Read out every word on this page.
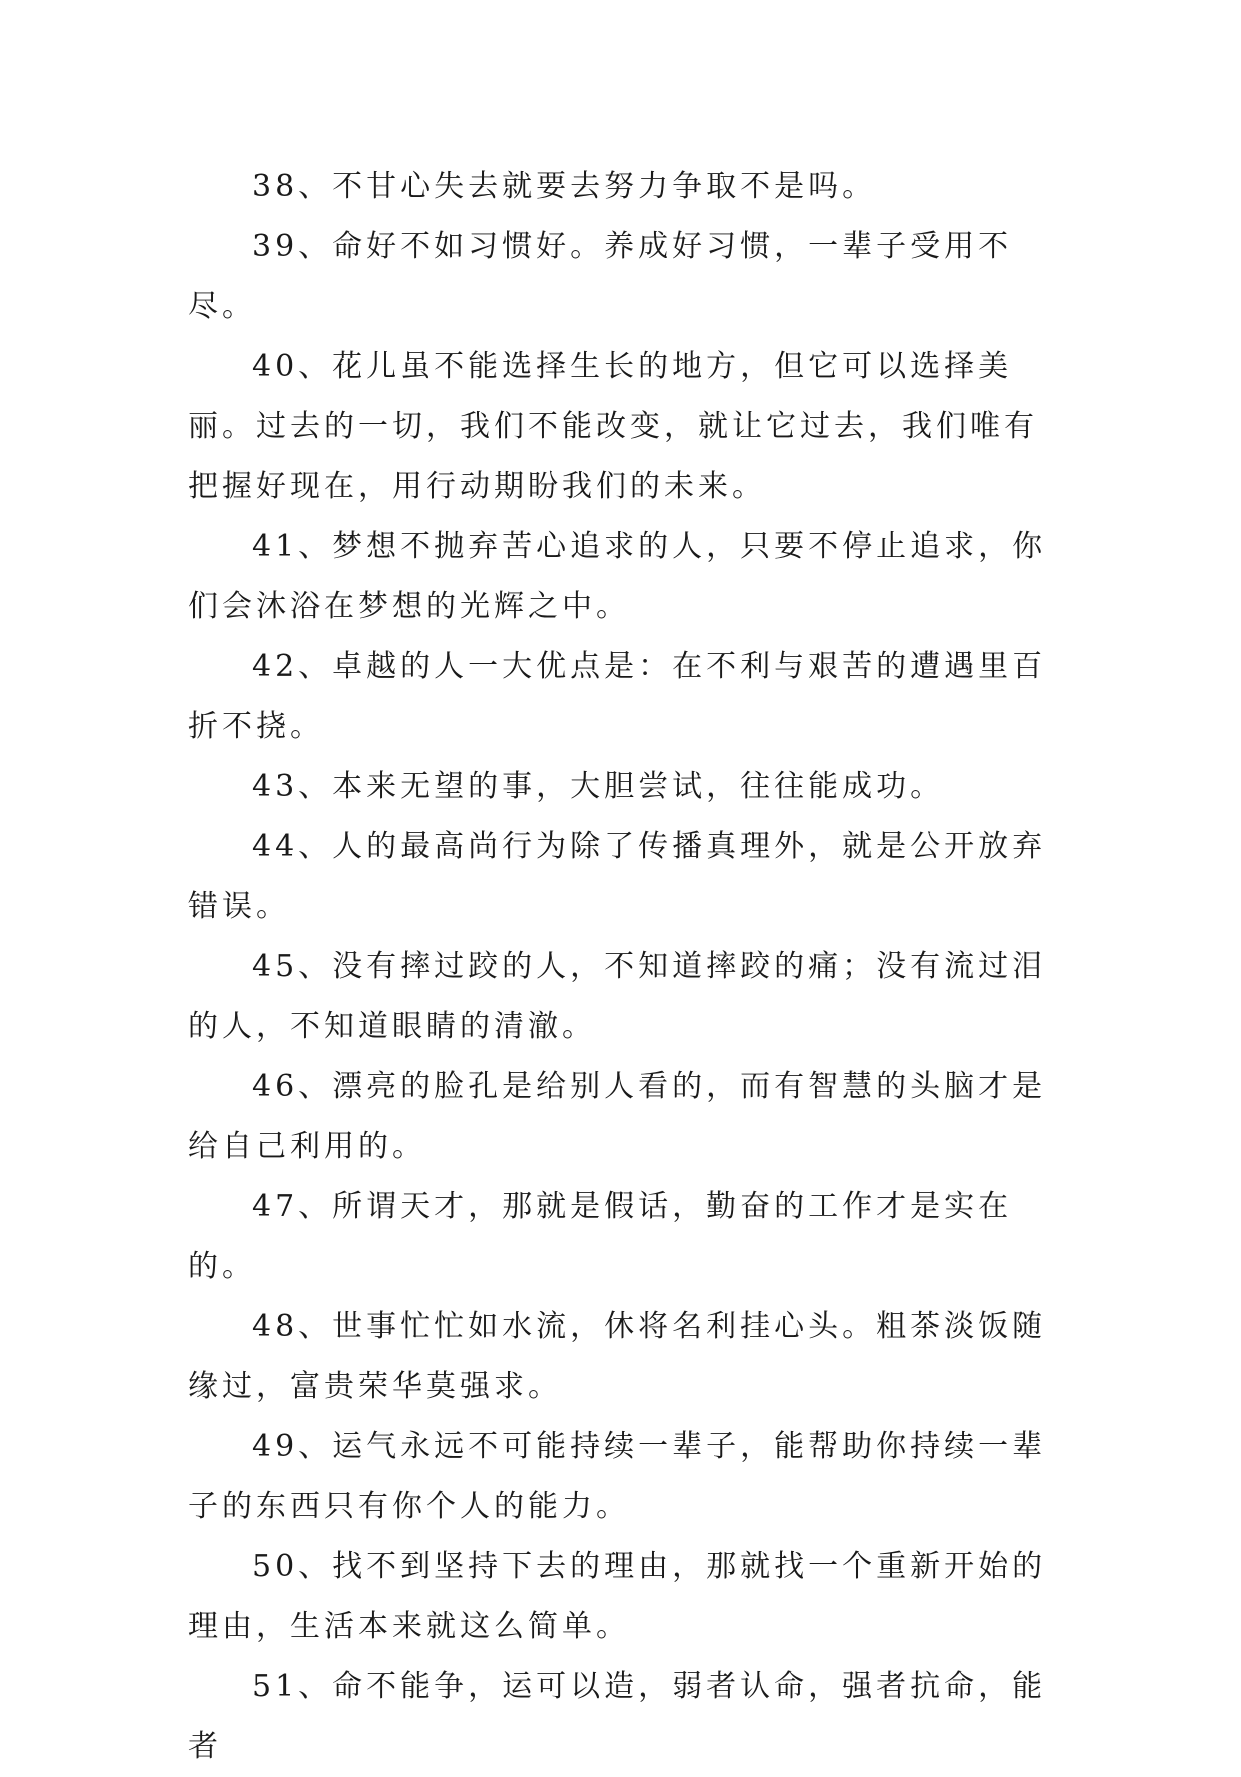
38、不甘心失去就要去努力争取不是吗。

39、命好不如习惯好。养成好习惯，一辈子受用不尽。

40、花儿虽不能选择生长的地方，但它可以选择美丽。过去的一切，我们不能改变，就让它过去，我们唯有把握好现在，用行动期盼我们的未来。

41、梦想不抛弃苦心追求的人，只要不停止追求，你们会沐浴在梦想的光辉之中。

42、卓越的人一大优点是：在不利与艰苦的遭遇里百折不挠。

43、本来无望的事，大胆尝试，往往能成功。

44、人的最高尚行为除了传播真理外，就是公开放弃错误。

45、没有摔过跤的人，不知道摔跤的痛；没有流过泪的人，不知道眼睛的清澈。

46、漂亮的脸孔是给别人看的，而有智慧的头脑才是给自己利用的。

47、所谓天才，那就是假话，勤奋的工作才是实在的。

48、世事忙忙如水流，休将名利挂心头。粗茶淡饭随缘过，富贵荣华莫强求。

49、运气永远不可能持续一辈子，能帮助你持续一辈子的东西只有你个人的能力。

50、找不到坚持下去的理由，那就找一个重新开始的理由，生活本来就这么简单。

51、命不能争，运可以造，弱者认命，强者抗命，能者
